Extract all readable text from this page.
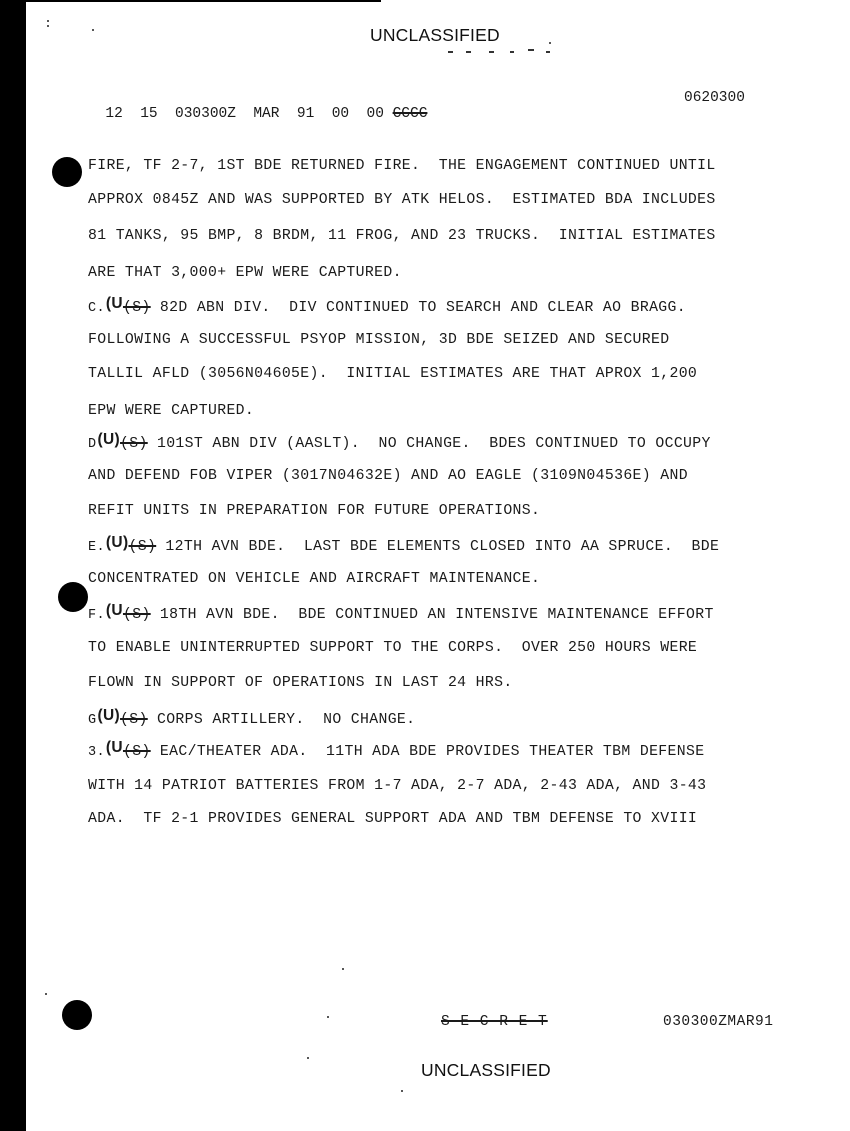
UNCLASSIFIED

12 15 030300Z MAR 91 00 00 CCCC

0620300
FIRE, TF 2-7, 1ST BDE RETURNED FIRE.  THE ENGAGEMENT CONTINUED UNTIL
APPROX 0845Z AND WAS SUPPORTED BY ATK HELOS.  ESTIMATED BDA INCLUDES
81 TANKS, 95 BMP, 8 BRDM, 11 FROG, AND 23 TRUCKS.  INITIAL ESTIMATES
ARE THAT 3,000+ EPW WERE CAPTURED.
C.(U(S) 82D ABN DIV.  DIV CONTINUED TO SEARCH AND CLEAR AO BRAGG.
FOLLOWING A SUCCESSFUL PSYOP MISSION, 3D BDE SEIZED AND SECURED
TALLIL AFLD (3056N04605E).  INITIAL ESTIMATES ARE THAT APROX 1,200
EPW WERE CAPTURED.
D(U)(S) 101ST ABN DIV (AASLT).  NO CHANGE.  BDES CONTINUED TO OCCUPY
AND DEFEND FOB VIPER (3017N04632E) AND AO EAGLE (3109N04536E) AND
REFIT UNITS IN PREPARATION FOR FUTURE OPERATIONS.
E.(U)(S) 12TH AVN BDE.  LAST BDE ELEMENTS CLOSED INTO AA SPRUCE.  BDE
CONCENTRATED ON VEHICLE AND AIRCRAFT MAINTENANCE.
F.(U(S) 18TH AVN BDE.  BDE CONTINUED AN INTENSIVE MAINTENANCE EFFORT
TO ENABLE UNINTERRUPTED SUPPORT TO THE CORPS.  OVER 250 HOURS WERE
FLOWN IN SUPPORT OF OPERATIONS IN LAST 24 HRS.
G(U)(S) CORPS ARTILLERY.  NO CHANGE.
3.(U(S) EAC/THEATER ADA.  11TH ADA BDE PROVIDES THEATER TBM DEFENSE
WITH 14 PATRIOT BATTERIES FROM 1-7 ADA, 2-7 ADA, 2-43 ADA, AND 3-43
ADA.  TF 2-1 PROVIDES GENERAL SUPPORT ADA AND TBM DEFENSE TO XVIII
S E C R E T	030300ZMAR91
UNCLASSIFIED
